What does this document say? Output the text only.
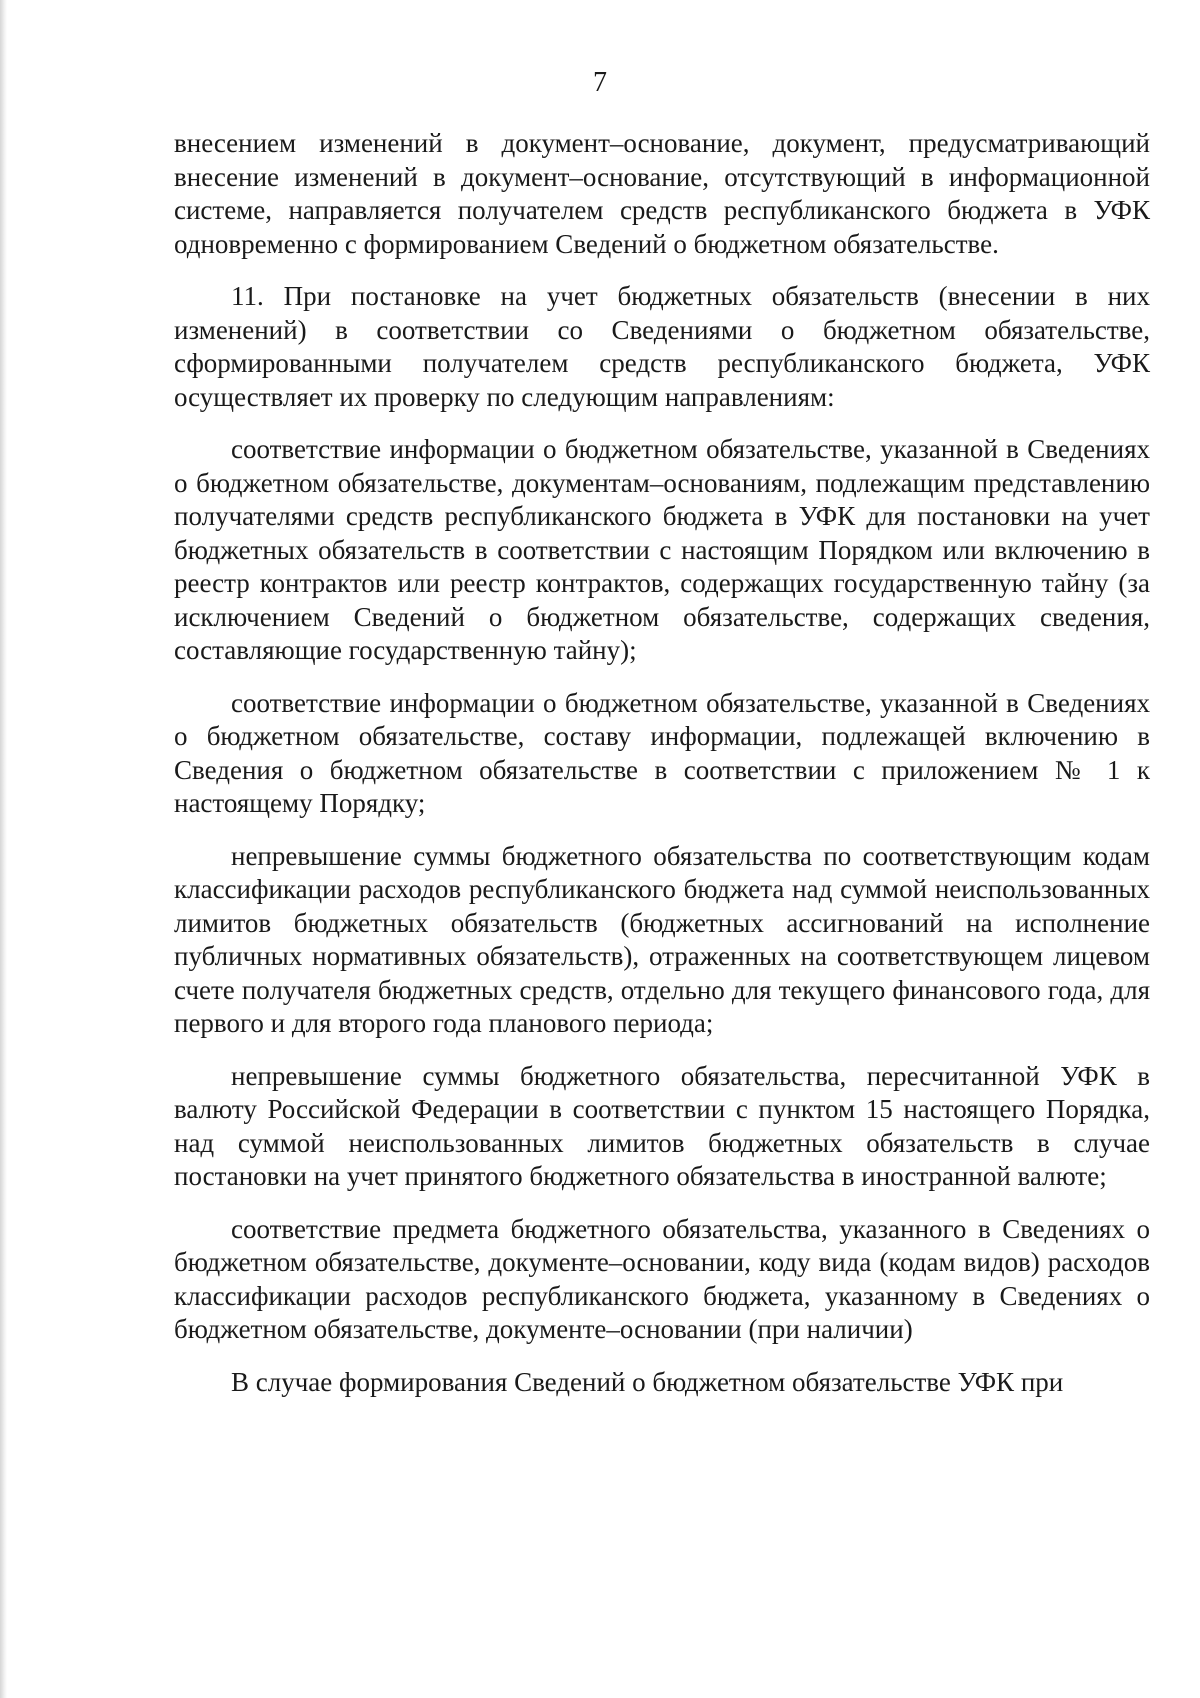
7

внесением изменений в документ–основание, документ, предусматривающий внесение изменений в документ–основание, отсутствующий в информационной системе, направляется получателем средств республиканского бюджета в УФК одновременно с формированием Сведений о бюджетном обязательстве.

11. При постановке на учет бюджетных обязательств (внесении в них изменений) в соответствии со Сведениями о бюджетном обязательстве, сформированными получателем средств республиканского бюджета, УФК осуществляет их проверку по следующим направлениям:

соответствие информации о бюджетном обязательстве, указанной в Сведениях о бюджетном обязательстве, документам–основаниям, подлежащим представлению получателями средств республиканского бюджета в УФК для постановки на учет бюджетных обязательств в соответствии с настоящим Порядком или включению в реестр контрактов или реестр контрактов, содержащих государственную тайну (за исключением Сведений о бюджетном обязательстве, содержащих сведения, составляющие государственную тайну);

соответствие информации о бюджетном обязательстве, указанной в Сведениях о бюджетном обязательстве, составу информации, подлежащей включению в Сведения о бюджетном обязательстве в соответствии с приложением № 1 к настоящему Порядку;

непревышение суммы бюджетного обязательства по соответствующим кодам классификации расходов республиканского бюджета над суммой неиспользованных лимитов бюджетных обязательств (бюджетных ассигнований на исполнение публичных нормативных обязательств), отраженных на соответствующем лицевом счете получателя бюджетных средств, отдельно для текущего финансового года, для первого и для второго года планового периода;

непревышение суммы бюджетного обязательства, пересчитанной УФК в валюту Российской Федерации в соответствии с пунктом 15 настоящего Порядка, над суммой неиспользованных лимитов бюджетных обязательств в случае постановки на учет принятого бюджетного обязательства в иностранной валюте;

соответствие предмета бюджетного обязательства, указанного в Сведениях о бюджетном обязательстве, документе–основании, коду вида (кодам видов) расходов классификации расходов республиканского бюджета, указанному в Сведениях о бюджетном обязательстве, документе–основании (при наличии)

В случае формирования Сведений о бюджетном обязательстве УФК при
